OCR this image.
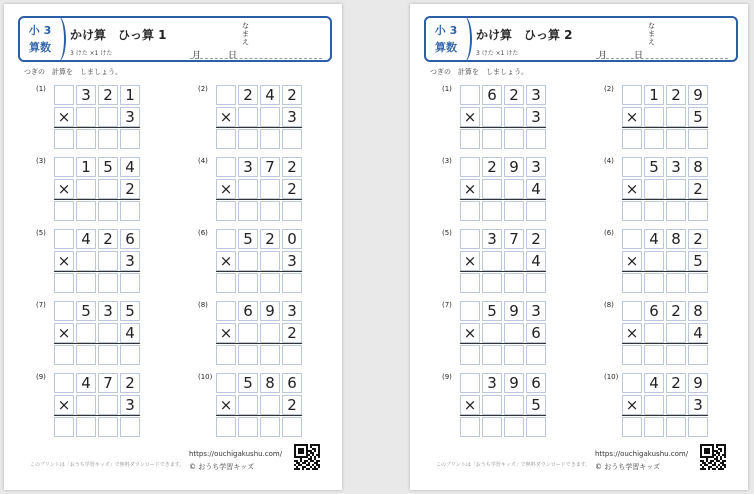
小 3
算数
かけ算　ひっ算 1
3 けた ×1 けた	月　　　日
なまえ
つぎの　計算を　しましょう。
(1)	3 2 1
×	3
(2)	2 4 2
×	3
(3)	1 5 4
×	2
(4)	3 7 2
×	2
(5)	4 2 6
×	3
(6)	5 2 0
×	3
(7)	5 3 5
×	4
(8)	6 9 3
×	2
(9)	4 7 2
×	3
(10)	5 8 6
×	2
このプリントは「おうち学習キッズ」で無料ダウンロードできます。
https://ouchigakushu.com/
© おうち学習キッズ
小 3
算数
かけ算　ひっ算 2
3 けた ×1 けた	月　　　日
なまえ
つぎの　計算を　しましょう。
(1)	6 2 3
×	3
(2)	1 2 9
×	5
(3)	2 9 3
×	4
(4)	5 3 8
×	2
(5)	3 7 2
×	4
(6)	4 8 2
×	5
(7)	5 9 3
×	6
(8)	6 2 8
×	4
(9)	3 9 6
×	5
(10)	4 2 9
×	3
このプリントは「おうち学習キッズ」で無料ダウンロードできます。
https://ouchigakushu.com/
© おうち学習キッズ
